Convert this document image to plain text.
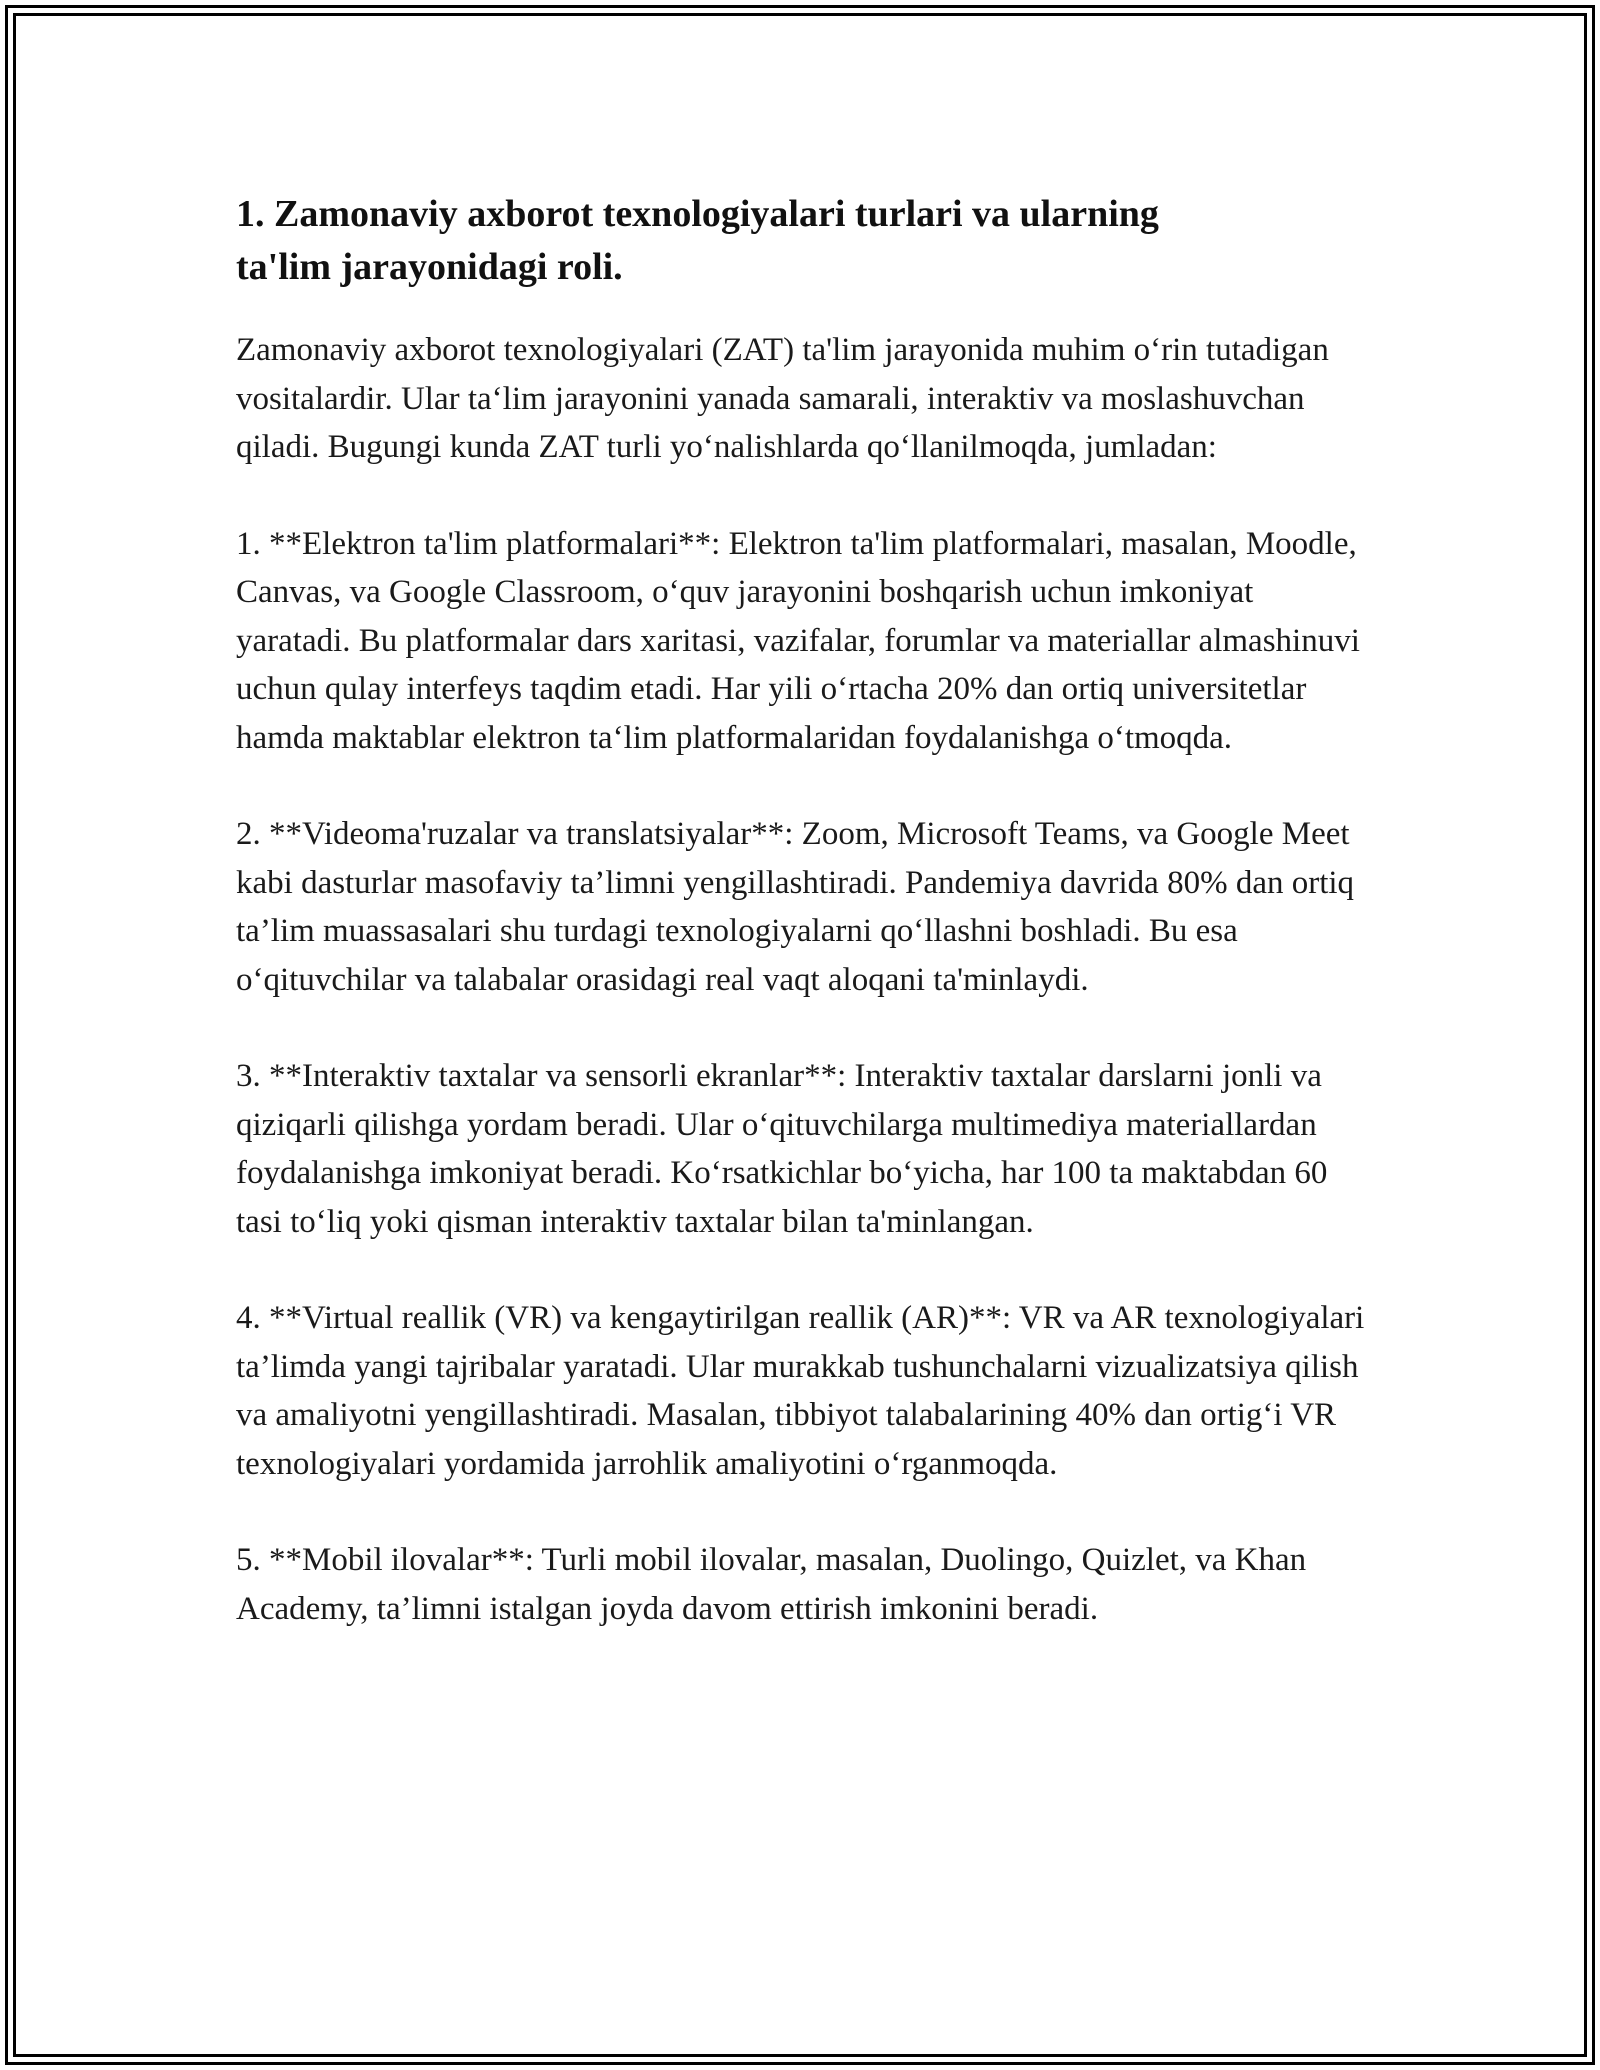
1. Zamonaviy axborot texnologiyalari turlari va ularning
ta'lim jarayonidagi roli.

Zamonaviy axborot texnologiyalari (ZAT) ta'lim jarayonida muhim o‘rin tutadigan vositalardir. Ular ta‘lim jarayonini yanada samarali, interaktiv va moslashuvchan qiladi. Bugungi kunda ZAT turli yo‘nalishlarda qo‘llanilmoqda, jumladan:

1. **Elektron ta'lim platformalari**: Elektron ta'lim platformalari, masalan, Moodle, Canvas, va Google Classroom, o‘quv jarayonini boshqarish uchun imkoniyat yaratadi. Bu platformalar dars xaritasi, vazifalar, forumlar va materiallar almashinuvi uchun qulay interfeys taqdim etadi. Har yili o‘rtacha 20% dan ortiq universitetlar hamda maktablar elektron ta‘lim platformalaridan foydalanishga o‘tmoqda.

2. **Videoma'ruzalar va translatsiyalar**: Zoom, Microsoft Teams, va Google Meet kabi dasturlar masofaviy ta’limni yengillashtiradi. Pandemiya davrida 80% dan ortiq ta’lim muassasalari shu turdagi texnologiyalarni qo‘llashni boshladi. Bu esa o‘qituvchilar va talabalar orasidagi real vaqt aloqani ta'minlaydi.

3. **Interaktiv taxtalar va sensorli ekranlar**: Interaktiv taxtalar darslarni jonli va qiziqarli qilishga yordam beradi. Ular o‘qituvchilarga multimediya materiallardan foydalanishga imkoniyat beradi. Ko‘rsatkichlar bo‘yicha, har 100 ta maktabdan 60 tasi to‘liq yoki qisman interaktiv taxtalar bilan ta'minlangan.

4. **Virtual reallik (VR) va kengaytirilgan reallik (AR)**: VR va AR texnologiyalari ta’limda yangi tajribalar yaratadi. Ular murakkab tushunchalarni vizualizatsiya qilish va amaliyotni yengillashtiradi. Masalan, tibbiyot talabalarining 40% dan ortig‘i VR texnologiyalari yordamida jarrohlik amaliyotini o‘rganmoqda.

5. **Mobil ilovalar**: Turli mobil ilovalar, masalan, Duolingo, Quizlet, va Khan Academy, ta’limni istalgan joyda davom ettirish imkonini beradi.
